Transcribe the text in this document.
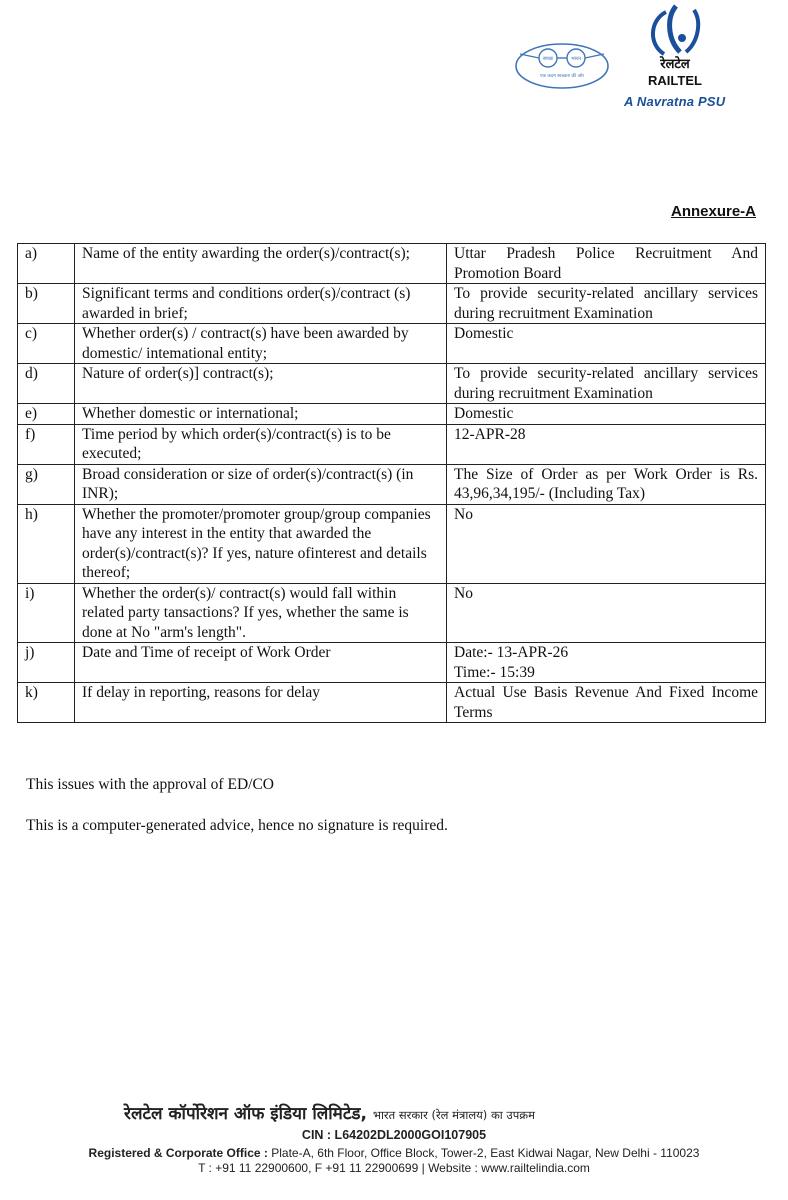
स्वच्छ	भारत
एक कदम स्वच्छता की ओर
रेलटेल
RAILTEL
A Navratna PSU
Annexure-A
a)	Name of the entity awarding the order(s)/contract(s);	Uttar Pradesh Police Recruitment And Promotion Board
b)	Significant terms and conditions order(s)/contract (s) awarded in brief;	To provide security-related ancillary services during recruitment Examination
c)	Whether order(s) / contract(s) have been awarded by domestic/ intemational entity;	Domestic
d)	Nature of order(s)] contract(s);	To provide security-related ancillary services during recruitment Examination
e)	Whether domestic or international;	Domestic
f)	Time period by which order(s)/contract(s) is to be executed;	12-APR-28
g)	Broad consideration or size of order(s)/contract(s) (in INR);	The Size of Order as per Work Order is Rs. 43,96,34,195/- (Including Tax)
h)	Whether the promoter/promoter group/group companies have any interest in the entity that awarded the order(s)/contract(s)? If yes, nature ofinterest and details thereof;	No
i)	Whether the order(s)/ contract(s) would fall within related party tansactions? If yes, whether the same is done at No "arm's length".	No
j)	Date and Time of receipt of Work Order	Date:- 13-APR-26
Time:- 15:39

k)	If delay in reporting, reasons for delay	Actual Use Basis Revenue And Fixed Income Terms
This issues with the approval of ED/CO
This is a computer-generated advice, hence no signature is required.
रेलटेल कॉर्पोरेशन ऑफ इंडिया लिमिटेड, भारत सरकार (रेल मंत्रालय) का उपक्रम
CIN : L64202DL2000GOI107905
Registered & Corporate Office : Plate-A, 6th Floor, Office Block, Tower-2, East Kidwai Nagar, New Delhi - 110023
T : +91 11 22900600, F +91 11 22900699 | Website : www.railtelindia.com
